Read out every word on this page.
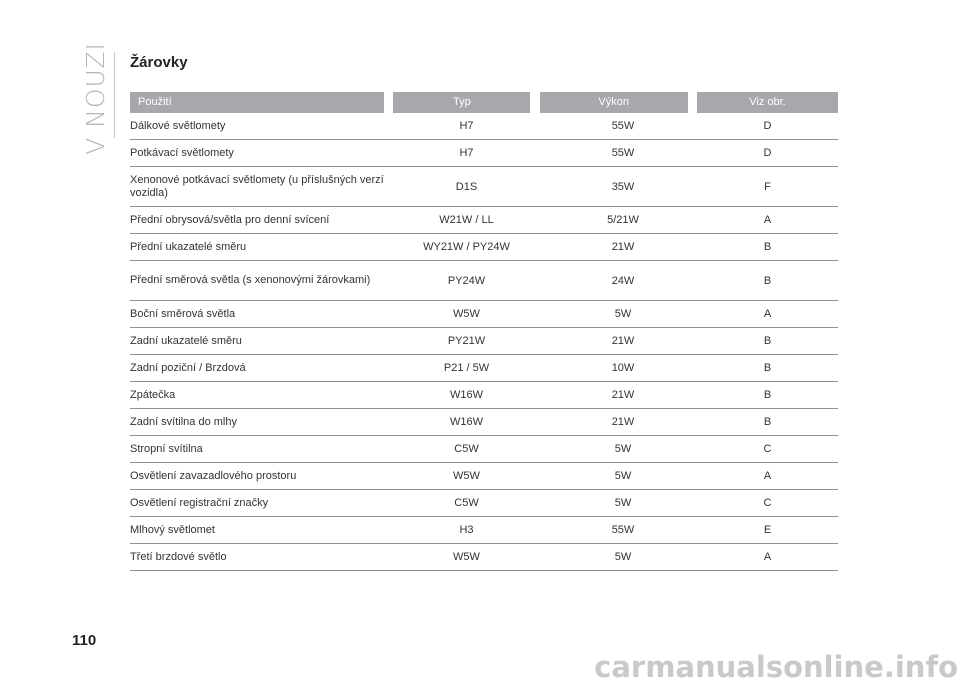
V NOUZI Žárovky
Použití	Typ	Výkon	Viz obr.
Dálkové světlomety	H7	55W	D
Potkávací světlomety	H7	55W	D
Xenonové potkávací světlomety (u příslušných verzí vozidla)	D1S	35W	F
Přední obrysová/světla pro denní svícení	W21W / LL	5/21W	A
Přední ukazatelé směru	WY21W / PY24W	21W	B
Přední směrová světla (s xenonovými žárovkami)	PY24W	24W	B
Boční směrová světla	W5W	5W	A
Zadní ukazatelé směru	PY21W	21W	B
Zadní poziční / Brzdová	P21 / 5W	10W	B
Zpátečka	W16W	21W	B
Zadní svítilna do mlhy	W16W	21W	B
Stropní svítilna	C5W	5W	C
Osvětlení zavazadlového prostoru	W5W	5W	A
Osvětlení registrační značky	C5W	5W	C
Mlhový světlomet	H3	55W	E
Třetí brzdové světlo	W5W	5W	A
110
carmanualsonline.info
